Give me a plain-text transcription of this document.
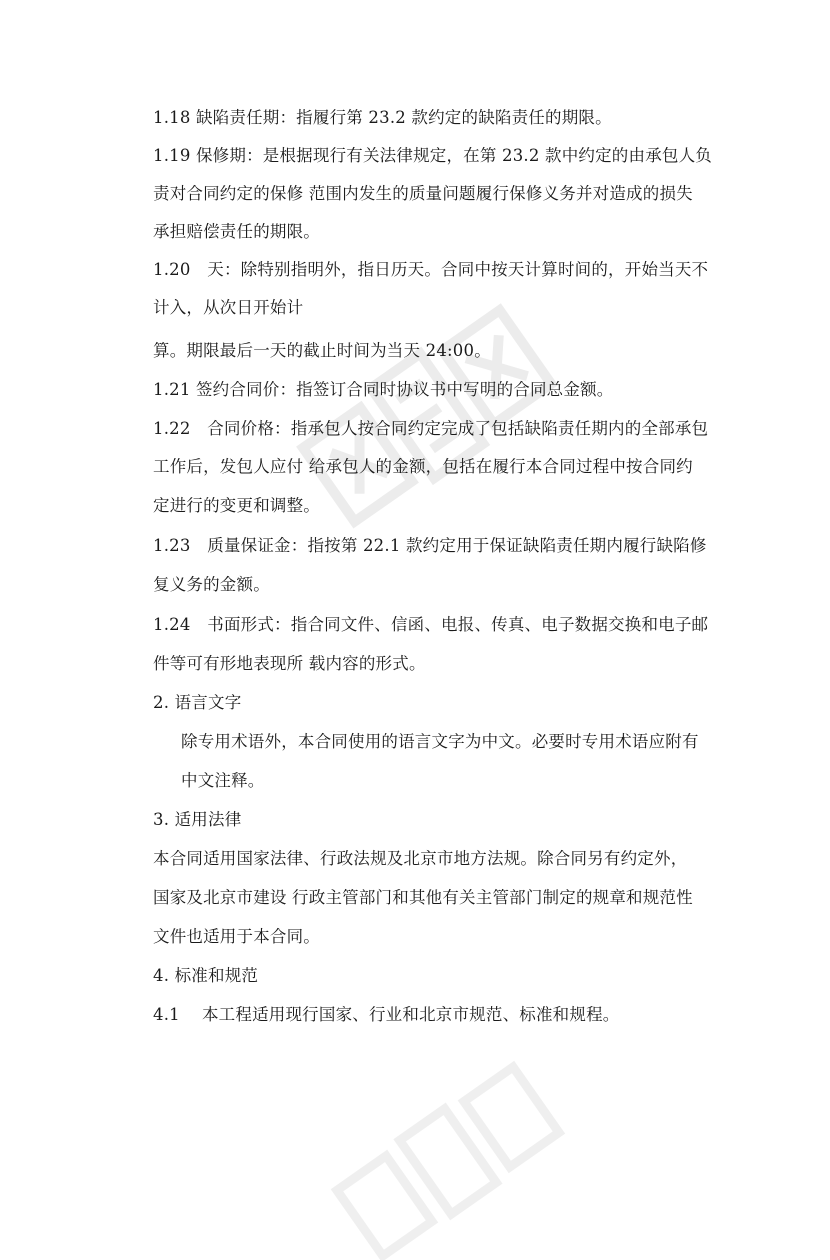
1.18 缺陷责任期：指履行第 23.2 款约定的缺陷责任的期限。
1.19 保修期：是根据现行有关法律规定，在第 23.2 款中约定的由承包人负
责对合同约定的保修 范围内发生的质量问题履行保修义务并对造成的损失
承担赔偿责任的期限。
1.20　天：除特别指明外，指日历天。合同中按天计算时间的，开始当天不
计入，从次日开始计
算。期限最后一天的截止时间为当天 24:00。
1.21 签约合同价：指签订合同时协议书中写明的合同总金额。
1.22　合同价格：指承包人按合同约定完成了包括缺陷责任期内的全部承包
工作后，发包人应付 给承包人的金额，包括在履行本合同过程中按合同约
定进行的变更和调整。
1.23　质量保证金：指按第 22.1 款约定用于保证缺陷责任期内履行缺陷修
复义务的金额。
1.24　书面形式：指合同文件、信函、电报、传真、电子数据交换和电子邮
件等可有形地表现所 载内容的形式。
2. 语言文字
除专用术语外，本合同使用的语言文字为中文。必要时专用术语应附有
中文注释。
3. 适用法律
本合同适用国家法律、行政法规及北京市地方法规。除合同另有约定外，
国家及北京市建设 行政主管部门和其他有关主管部门制定的规章和规范性
文件也适用于本合同。
4. 标准和规范
4.1　 本工程适用现行国家、行业和北京市规范、标准和规程。
